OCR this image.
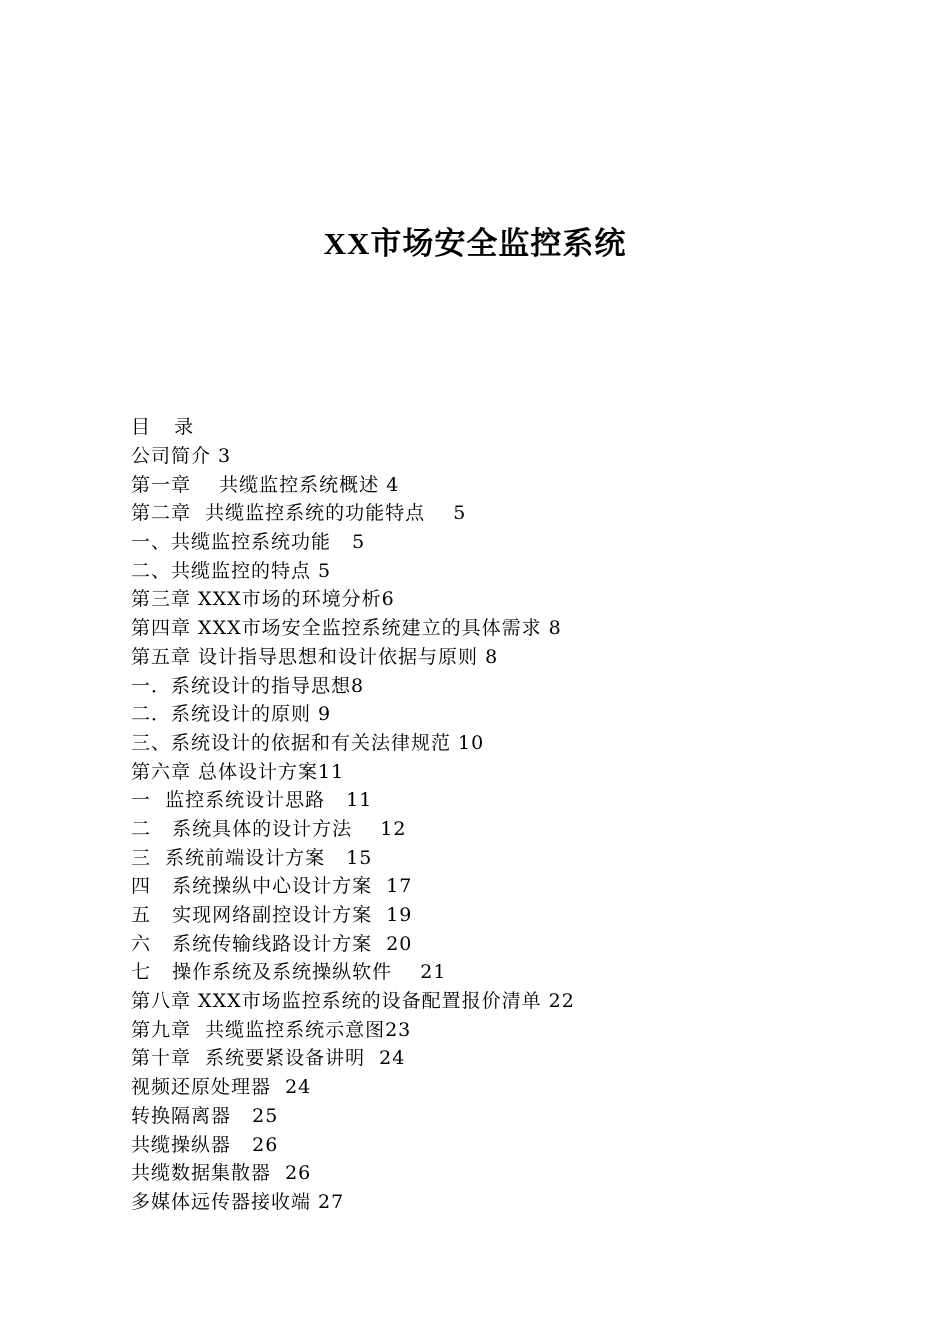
XX市场安全监控系统
目    录
公司简介 3
第一章    共缆监控系统概述 4
第二章  共缆监控系统的功能特点    5
一、共缆监控系统功能   5
二、共缆监控的特点 5
第三章 XXX市场的环境分析6
第四章 XXX市场安全监控系统建立的具体需求 8
第五章 设计指导思想和设计依据与原则 8
一．系统设计的指导思想8
二．系统设计的原则 9
三、系统设计的依据和有关法律规范 10
第六章 总体设计方案11
一  监控系统设计思路   11
二   系统具体的设计方法    12
三  系统前端设计方案   15
四   系统操纵中心设计方案  17
五   实现网络副控设计方案  19
六   系统传输线路设计方案  20
七   操作系统及系统操纵软件    21
第八章 XXX市场监控系统的设备配置报价清单 22
第九章  共缆监控系统示意图23
第十章  系统要紧设备讲明  24
视频还原处理器  24
转换隔离器   25
共缆操纵器   26
共缆数据集散器  26
多媒体远传器接收端 27
